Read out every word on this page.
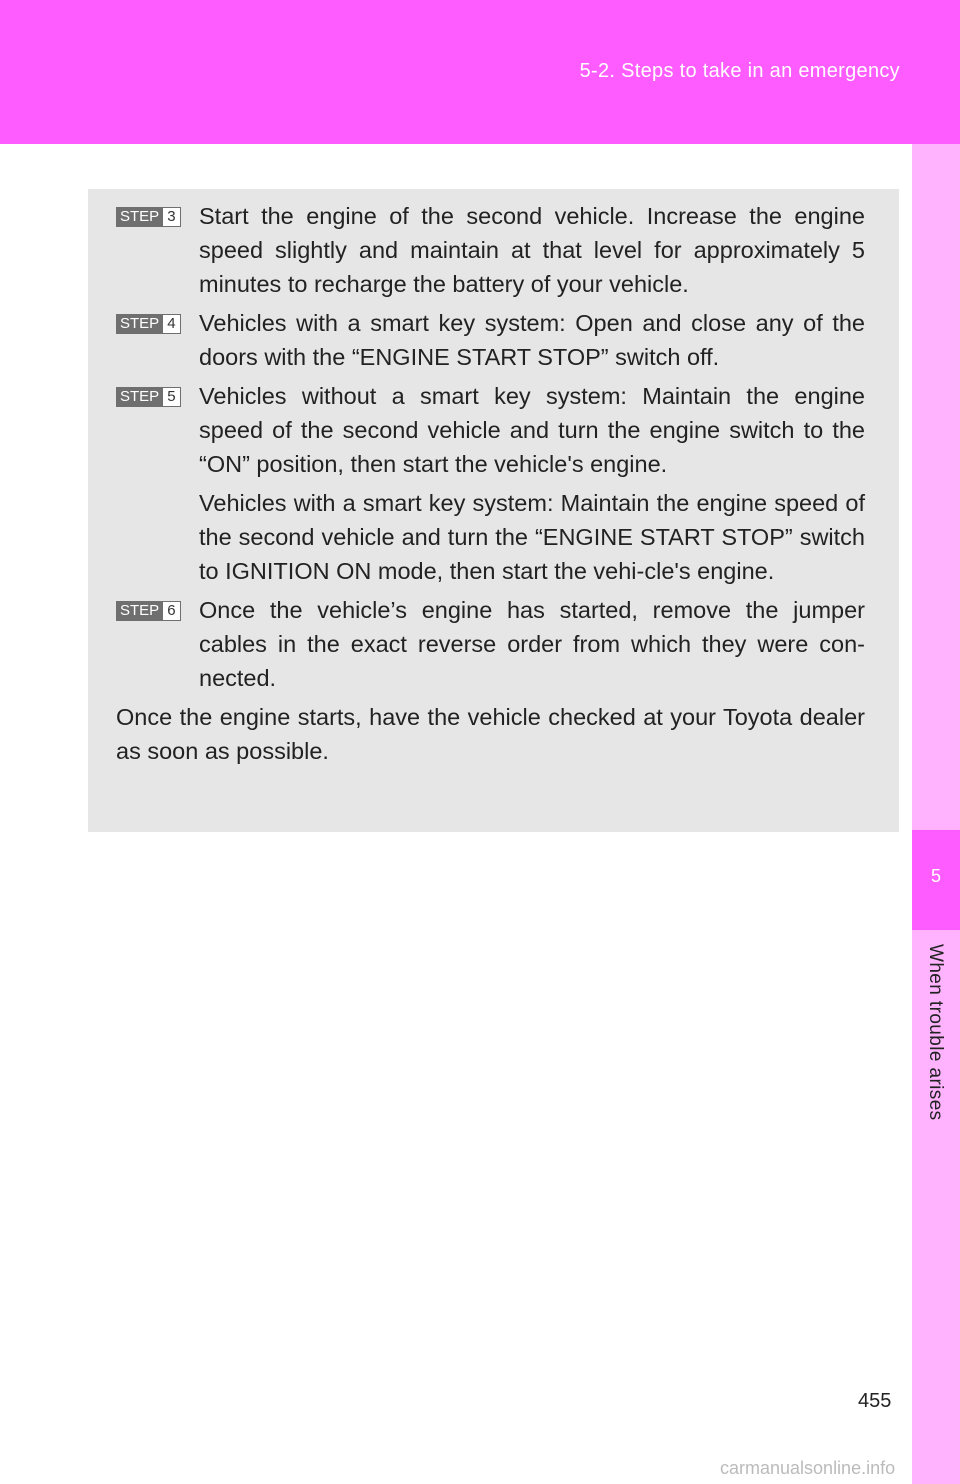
5-2. Steps to take in an emergency
5
When trouble arises
STEP 3 Start the engine of the second vehicle. Increase the engine speed slightly and maintain at that level for approximately 5 minutes to recharge the battery of your vehicle.

STEP 4 Vehicles with a smart key system: Open and close any of the doors with the “ENGINE START STOP” switch off.

STEP 5 Vehicles without a smart key system: Maintain the engine speed of the second vehicle and turn the engine switch to the “ON” position, then start the vehicle's engine.

Vehicles with a smart key system: Maintain the engine speed of the second vehicle and turn the “ENGINE START STOP” switch to IGNITION ON mode, then start the vehi-cle's engine.

STEP 6 Once the vehicle’s engine has started, remove the jumper cables in the exact reverse order from which they were con-nected.

Once the engine starts, have the vehicle checked at your Toyota dealer as soon as possible.

455
carmanualsonline.info
